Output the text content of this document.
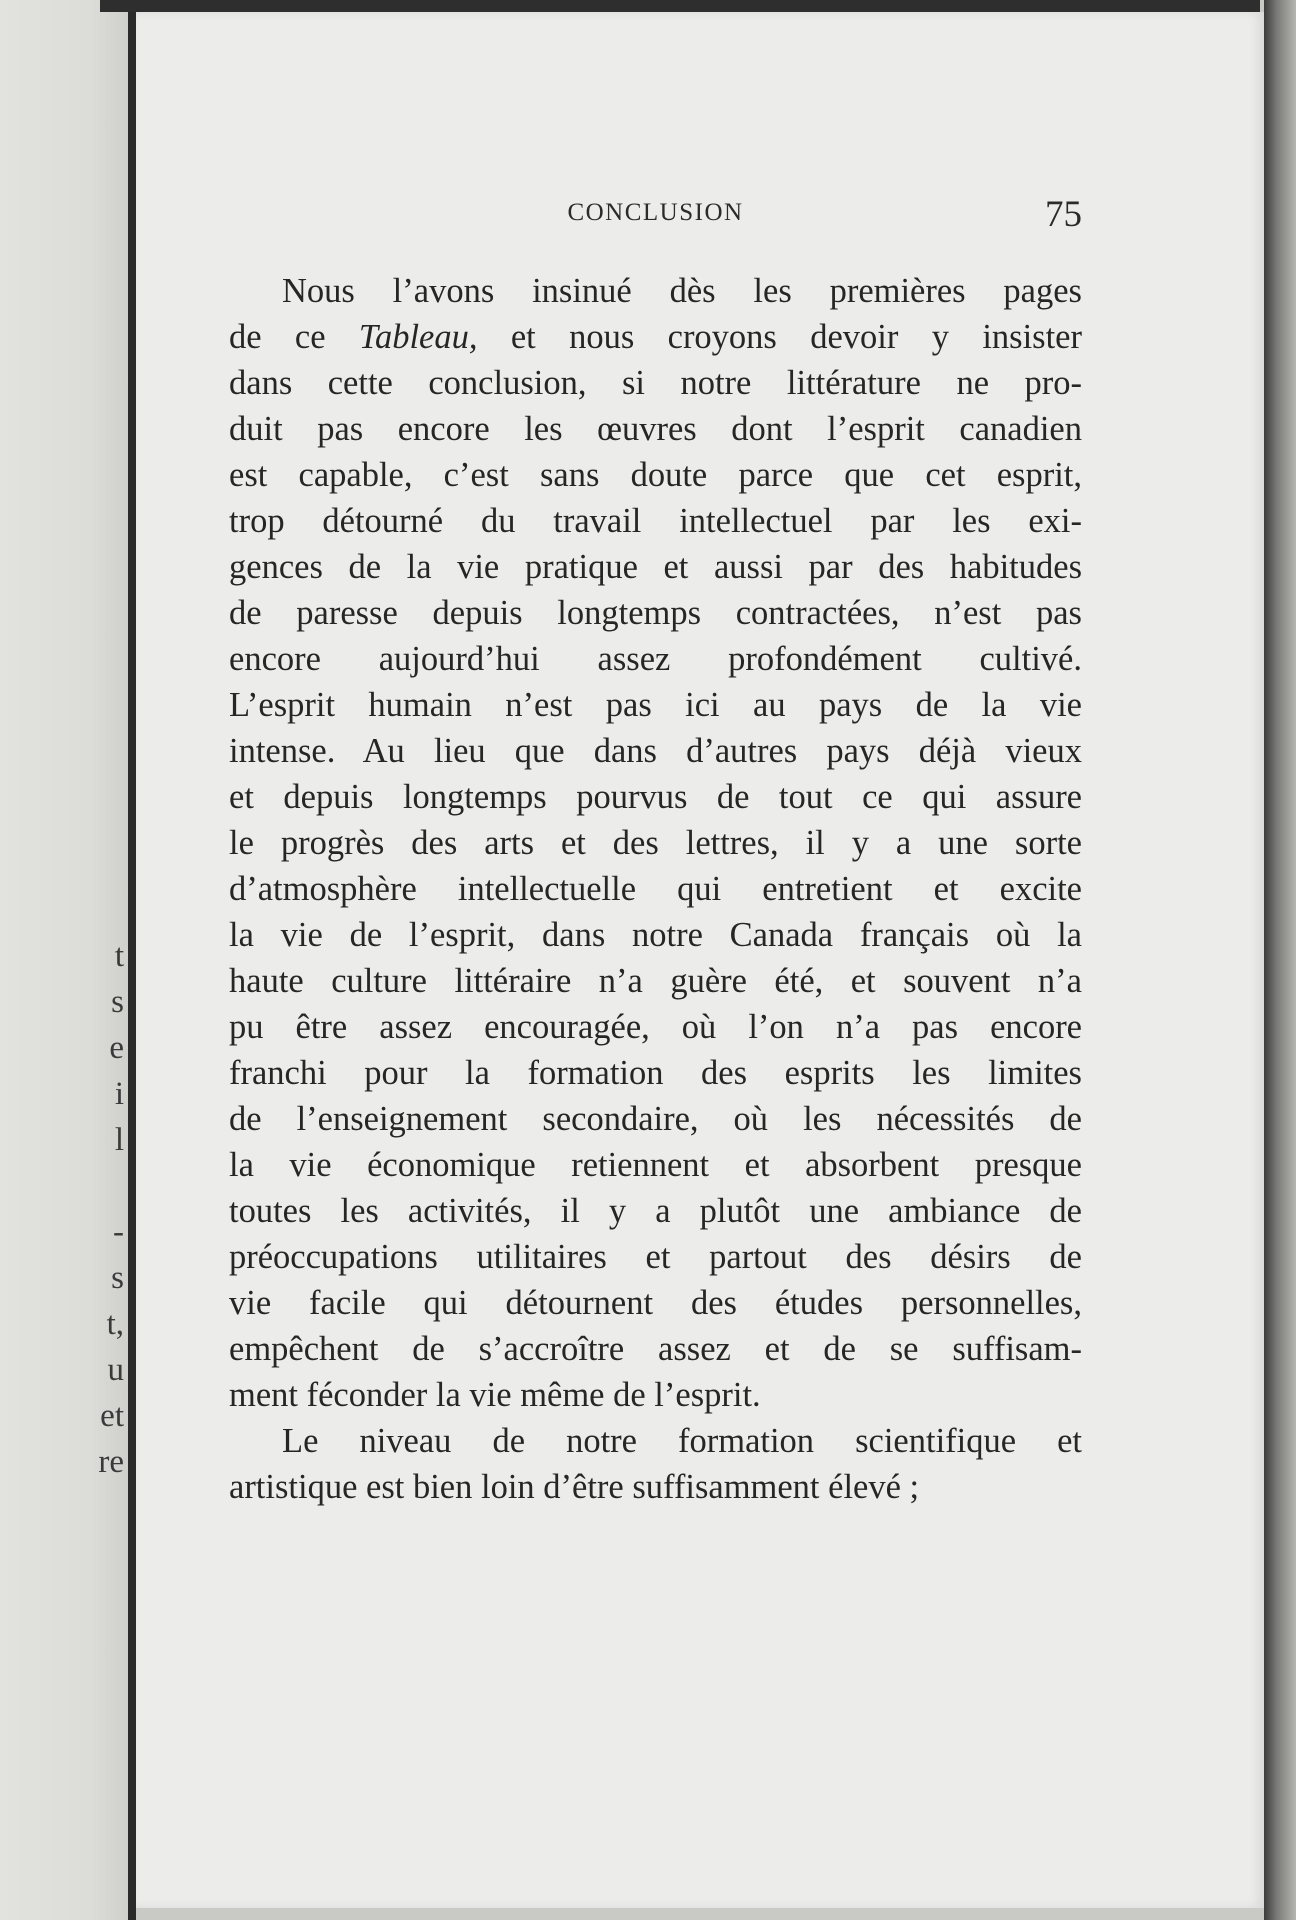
t
s
e
i
l
-
s
t,
u
et
re
CONCLUSION	75
Nous l’avons insinué dès les premières pages
de ce Tableau, et nous croyons devoir y insister
dans cette conclusion, si notre littérature ne pro-
duit pas encore les œuvres dont l’esprit canadien
est capable, c’est sans doute parce que cet esprit,
trop détourné du travail intellectuel par les exi-
gences de la vie pratique et aussi par des habitudes
de paresse depuis longtemps contractées, n’est pas
encore aujourd’hui assez profondément cultivé.
L’esprit humain n’est pas ici au pays de la vie
intense. Au lieu que dans d’autres pays déjà vieux
et depuis longtemps pourvus de tout ce qui assure
le progrès des arts et des lettres, il y a une sorte
d’atmosphère intellectuelle qui entretient et excite
la vie de l’esprit, dans notre Canada français où la
haute culture littéraire n’a guère été, et souvent n’a
pu être assez encouragée, où l’on n’a pas encore
franchi pour la formation des esprits les limites
de l’enseignement secondaire, où les nécessités de
la vie économique retiennent et absorbent presque
toutes les activités, il y a plutôt une ambiance de
préoccupations utilitaires et partout des désirs de
vie facile qui détournent des études personnelles,
empêchent de s’accroître assez et de se suffisam-
ment féconder la vie même de l’esprit.
Le niveau de notre formation scientifique et
artistique est bien loin d’être suffisamment élevé ;
